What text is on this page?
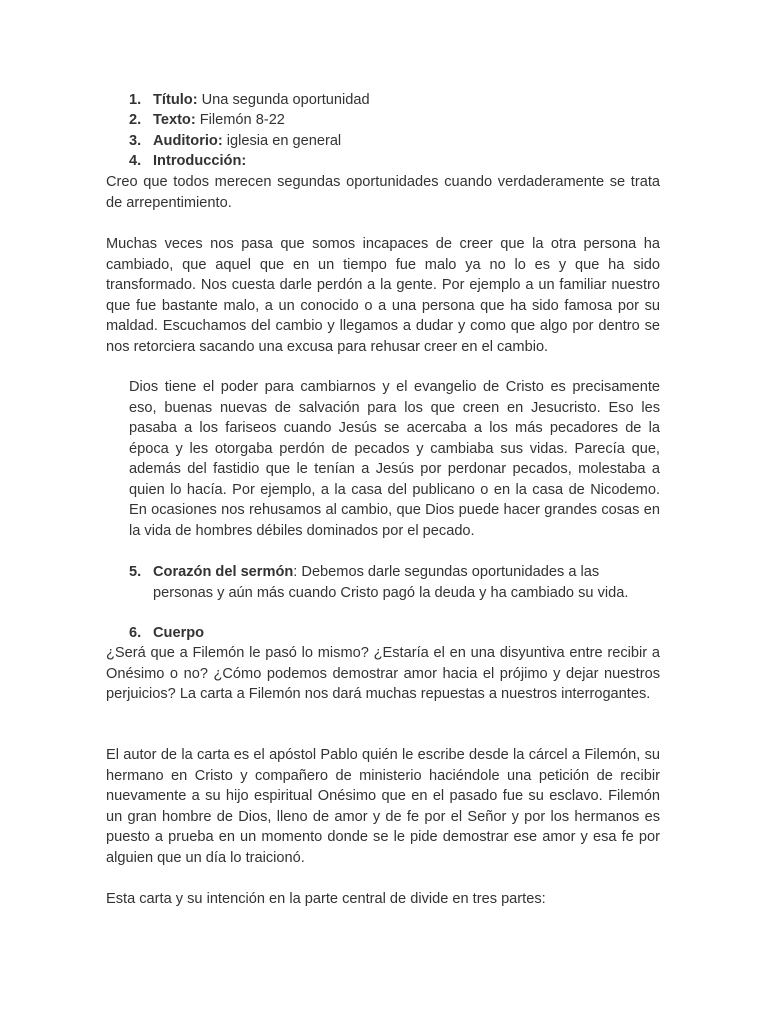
1. Título: Una segunda oportunidad
2. Texto: Filemón 8-22
3. Auditorio: iglesia en general
4. Introducción:

Creo que todos merecen segundas oportunidades cuando verdaderamente se trata de arrepentimiento.

Muchas veces nos pasa que somos incapaces de creer que la otra persona ha cambiado, que aquel que en un tiempo fue malo ya no lo es y que ha sido transformado. Nos cuesta darle perdón a la gente. Por ejemplo a un familiar nuestro que fue bastante malo, a un conocido o a una persona que ha sido famosa por su maldad. Escuchamos del cambio y llegamos a dudar y como que algo por dentro se nos retorciera sacando una excusa para rehusar creer en el cambio.

Dios tiene el poder para cambiarnos y el evangelio de Cristo es precisamente eso, buenas nuevas de salvación para los que creen en Jesucristo. Eso les pasaba a los fariseos cuando Jesús se acercaba a los más pecadores de la época y les otorgaba perdón de pecados y cambiaba sus vidas. Parecía que, además del fastidio que le tenían a Jesús por perdonar pecados, molestaba a quien lo hacía. Por ejemplo, a la casa del publicano o en la casa de Nicodemo. En ocasiones nos rehusamos al cambio, que Dios puede hacer grandes cosas en la vida de hombres débiles dominados por el pecado.

5. Corazón del sermón: Debemos darle segundas oportunidades a las
personas y aún más cuando Cristo pagó la deuda y ha cambiado su vida.
6. Cuerpo

¿Será que a Filemón le pasó lo mismo? ¿Estaría el en una disyuntiva entre recibir a Onésimo o no? ¿Cómo podemos demostrar amor hacia el prójimo y dejar nuestros perjuicios? La carta a Filemón nos dará muchas repuestas a nuestros interrogantes.

El autor de la carta es el apóstol Pablo quién le escribe desde la cárcel a Filemón, su hermano en Cristo y compañero de ministerio haciéndole una petición de recibir nuevamente a su hijo espiritual Onésimo que en el pasado fue su esclavo. Filemón un gran hombre de Dios, lleno de amor y de fe por el Señor y por los hermanos es puesto a prueba en un momento donde se le pide demostrar ese amor y esa fe por alguien que un día lo traicionó.

Esta carta y su intención en la parte central de divide en tres partes:
